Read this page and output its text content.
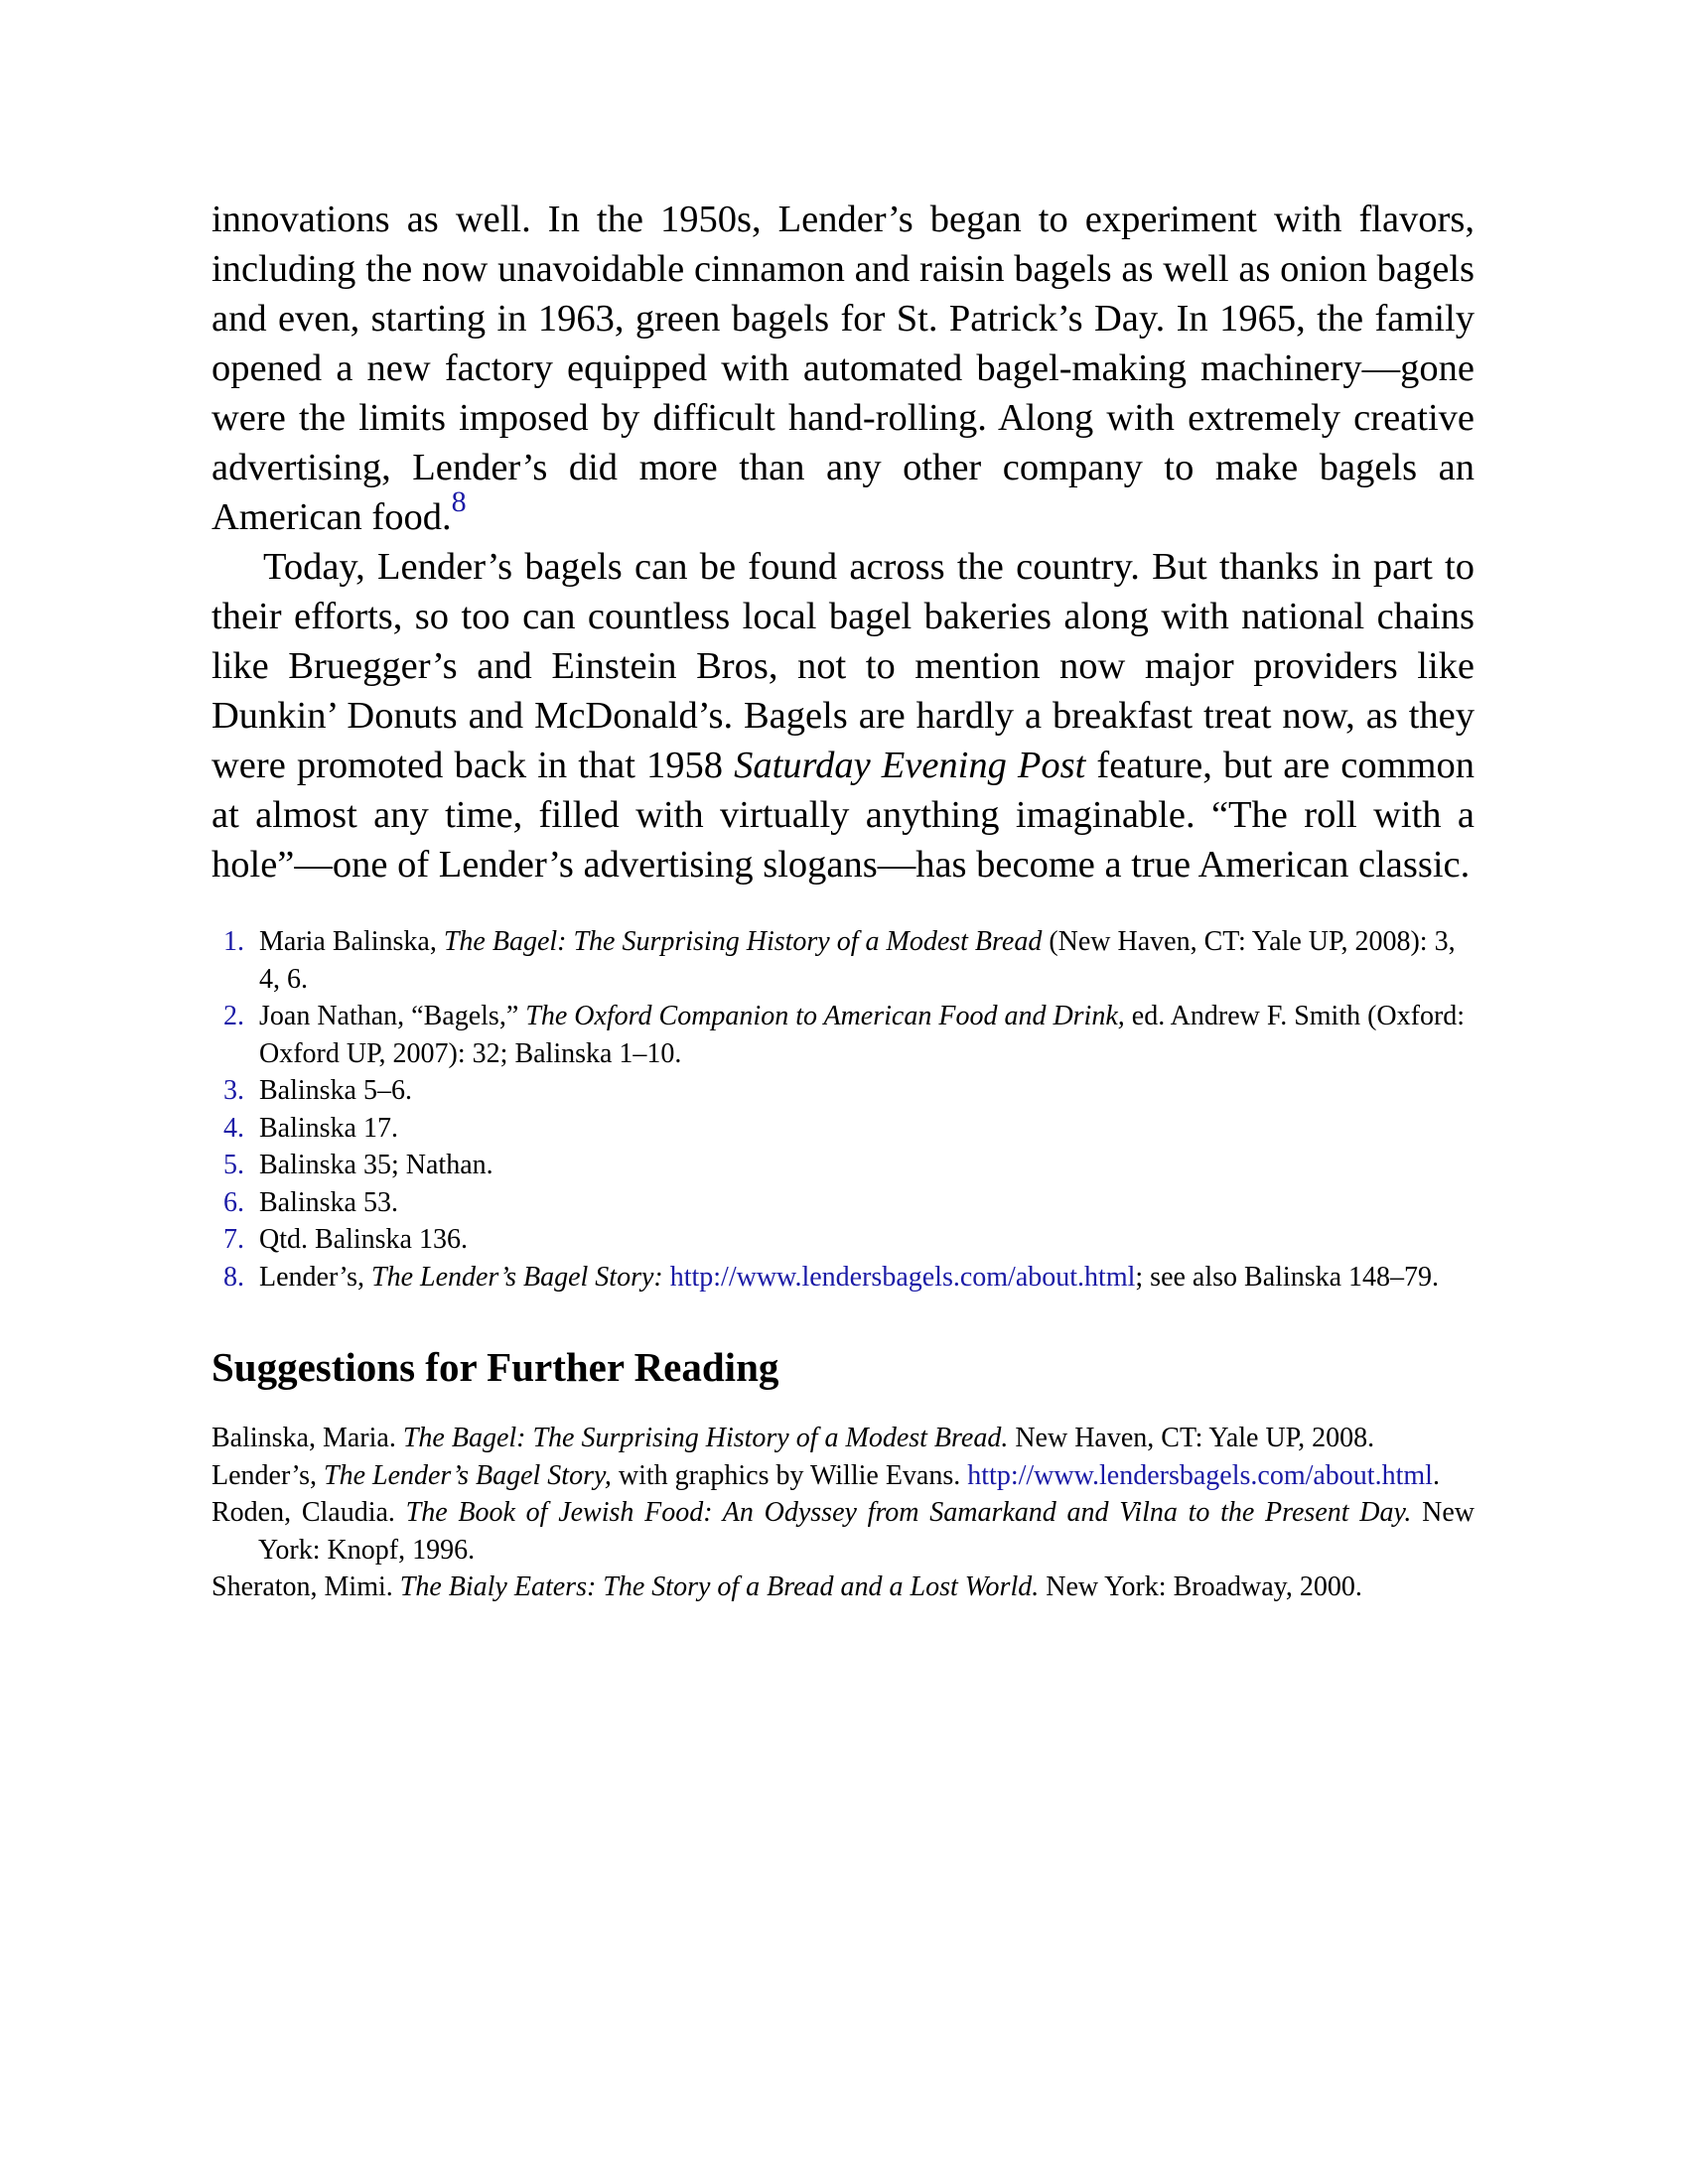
innovations as well. In the 1950s, Lender’s began to experiment with flavors, including the now unavoidable cinnamon and raisin bagels as well as onion bagels and even, starting in 1963, green bagels for St. Patrick’s Day. In 1965, the family opened a new factory equipped with automated bagel-making machinery—gone were the limits imposed by difficult hand-rolling. Along with extremely creative advertising, Lender’s did more than any other company to make bagels an American food.$^8$

Today, Lender’s bagels can be found across the country. But thanks in part to their efforts, so too can countless local bagel bakeries along with national chains like Bruegger’s and Einstein Bros, not to mention now major providers like Dunkin’ Donuts and McDonald’s. Bagels are hardly a breakfast treat now, as they were promoted back in that 1958 Saturday Evening Post feature, but are common at almost any time, filled with virtually anything imaginable. “The roll with a hole”—one of Lender’s advertising slogans—has become a true American classic.

1. Maria Balinska, The Bagel: The Surprising History of a Modest Bread (New Haven, CT: Yale UP, 2008): 3, 4, 6.
2. Joan Nathan, “Bagels,” The Oxford Companion to American Food and Drink, ed. Andrew F. Smith (Oxford: Oxford UP, 2007): 32; Balinska 1–10.
3. Balinska 5–6.
4. Balinska 17.
5. Balinska 35; Nathan.
6. Balinska 53.
7. Qtd. Balinska 136.
8. Lender’s, The Lender’s Bagel Story: http://www.lendersbagels.com/about.html; see also Balinska 148–79.
Suggestions for Further Reading
Balinska, Maria. The Bagel: The Surprising History of a Modest Bread. New Haven, CT: Yale UP, 2008.
Lender’s, The Lender’s Bagel Story, with graphics by Willie Evans. http://www.lendersbagels.com/about.html.
Roden, Claudia. The Book of Jewish Food: An Odyssey from Samarkand and Vilna to the Present Day. New York: Knopf, 1996.
Sheraton, Mimi. The Bialy Eaters: The Story of a Bread and a Lost World. New York: Broadway, 2000.
